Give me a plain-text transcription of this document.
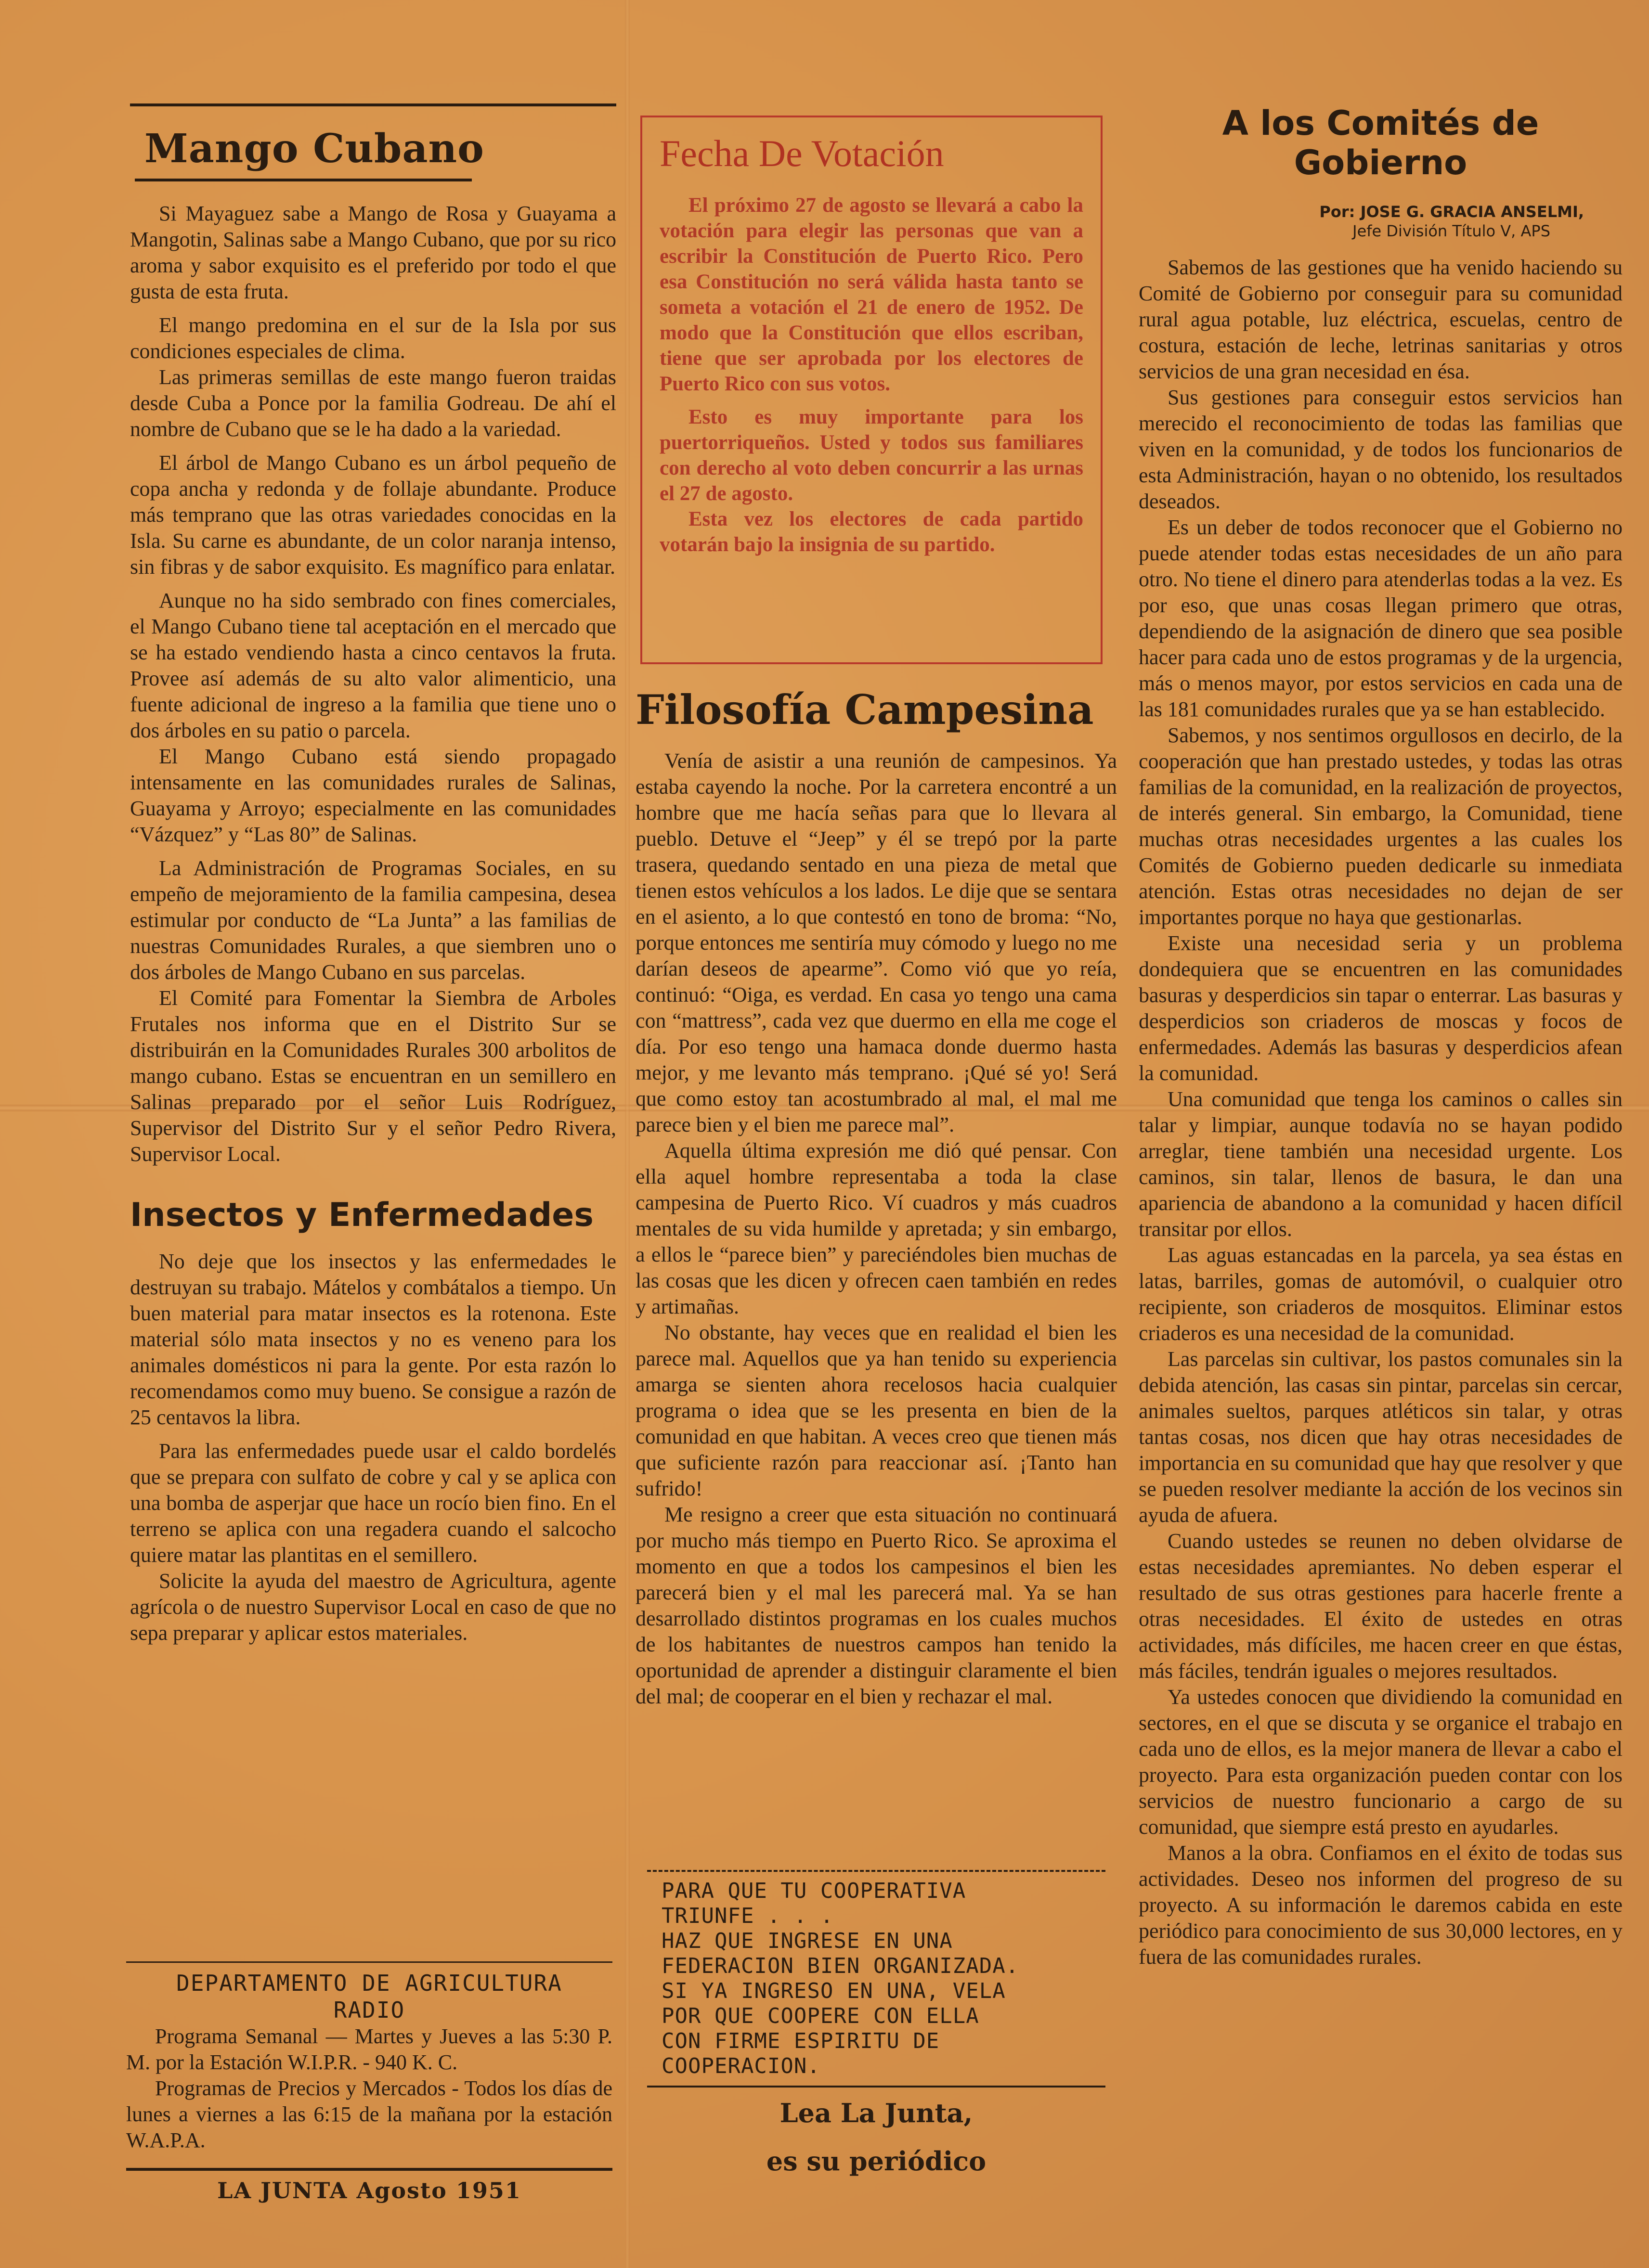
Mango Cubano

Si Mayaguez sabe a Mango de Rosa y Guayama a Mangotin, Salinas sabe a Mango Cubano, que por su rico aroma y sabor exquisito es el preferido por todo el que gusta de esta fruta.

El mango predomina en el sur de la Isla por sus condiciones especiales de clima.

Las primeras semillas de este mango fueron traidas desde Cuba a Ponce por la familia Godreau. De ahí el nombre de Cubano que se le ha dado a la variedad.

El árbol de Mango Cubano es un árbol pequeño de copa ancha y redonda y de follaje abundante. Produce más temprano que las otras variedades conocidas en la Isla. Su carne es abundante, de un color naranja intenso, sin fibras y de sabor exquisito. Es magnífico para enlatar.

Aunque no ha sido sembrado con fines comerciales, el Mango Cubano tiene tal aceptación en el mercado que se ha estado vendiendo hasta a cinco centavos la fruta. Provee así además de su alto valor alimenticio, una fuente adicional de ingreso a la familia que tiene uno o dos árboles en su patio o parcela.

El Mango Cubano está siendo propagado intensamente en las comunidades rurales de Salinas, Guayama y Arroyo; especialmente en las comunidades “Vázquez” y “Las 80” de Salinas.

La Administración de Programas Sociales, en su empeño de mejoramiento de la familia campesina, desea estimular por conducto de “La Junta” a las familias de nuestras Comunidades Rurales, a que siembren uno o dos árboles de Mango Cubano en sus parcelas.

El Comité para Fomentar la Siembra de Arboles Frutales nos informa que en el Distrito Sur se distribuirán en la Comunidades Rurales 300 arbolitos de mango cubano. Estas se encuentran en un semillero en Salinas preparado por el señor Luis Rodríguez, Supervisor del Distrito Sur y el señor Pedro Rivera, Supervisor Local.

Insectos y Enfermedades

No deje que los insectos y las enfermedades le destruyan su trabajo. Mátelos y combátalos a tiempo. Un buen material para matar insectos es la rotenona. Este material sólo mata insectos y no es veneno para los animales domésticos ni para la gente. Por esta razón lo recomendamos como muy bueno. Se consigue a razón de 25 centavos la libra.

Para las enfermedades puede usar el caldo bordelés que se prepara con sulfato de cobre y cal y se aplica con una bomba de asperjar que hace un rocío bien fino. En el terreno se aplica con una regadera cuando el salcocho quiere matar las plantitas en el semillero.

Solicite la ayuda del maestro de Agricultura, agente agrícola o de nuestro Supervisor Local en caso de que no sepa preparar y aplicar estos materiales.

DEPARTAMENTO DE AGRICULTURA

RADIO

Programa Semanal — Martes y Jueves a las 5:30 P. M. por la Estación W.I.P.R. - 940 K. C.

Programas de Precios y Mercados - Todos los días de lunes a viernes a las 6:15 de la mañana por la estación W.A.P.A.

LA JUNTA Agosto 1951

Fecha De Votación

El próximo 27 de agosto se llevará a cabo la votación para elegir las personas que van a escribir la Constitución de Puerto Rico. Pero esa Constitución no será válida hasta tanto se someta a votación el 21 de enero de 1952. De modo que la Constitución que ellos escriban, tiene que ser aprobada por los electores de Puerto Rico con sus votos.

Esto es muy importante para los puertorriqueños. Usted y todos sus familiares con derecho al voto deben concurrir a las urnas el 27 de agosto.

Esta vez los electores de cada partido votarán bajo la insignia de su partido.

Filosofía Campesina

Venía de asistir a una reunión de campesinos. Ya estaba cayendo la noche. Por la carretera encontré a un hombre que me hacía señas para que lo llevara al pueblo. Detuve el “Jeep” y él se trepó por la parte trasera, quedando sentado en una pieza de metal que tienen estos vehículos a los lados. Le dije que se sentara en el asiento, a lo que contestó en tono de broma: “No, porque entonces me sentiría muy cómodo y luego no me darían deseos de apearme”. Como vió que yo reía, continuó: “Oiga, es verdad. En casa yo tengo una cama con “mattress”, cada vez que duermo en ella me coge el día. Por eso tengo una hamaca donde duermo hasta mejor, y me levanto más temprano. ¡Qué sé yo! Será que como estoy tan acostumbrado al mal, el mal me parece bien y el bien me parece mal”.

Aquella última expresión me dió qué pensar. Con ella aquel hombre representaba a toda la clase campesina de Puerto Rico. Ví cuadros y más cuadros mentales de su vida humilde y apretada; y sin embargo, a ellos le “parece bien” y pareciéndoles bien muchas de las cosas que les dicen y ofrecen caen también en redes y artimañas.

No obstante, hay veces que en realidad el bien les parece mal. Aquellos que ya han tenido su experiencia amarga se sienten ahora recelosos hacia cualquier programa o idea que se les presenta en bien de la comunidad en que habitan. A veces creo que tienen más que suficiente razón para reaccionar así. ¡Tanto han sufrido!

Me resigno a creer que esta situación no continuará por mucho más tiempo en Puerto Rico. Se aproxima el momento en que a todos los campesinos el bien les parecerá bien y el mal les parecerá mal. Ya se han desarrollado distintos programas en los cuales muchos de los habitantes de nuestros campos han tenido la oportunidad de aprender a distinguir claramente el bien del mal; de cooperar en el bien y rechazar el mal.

PARA QUE TU COOPERATIVA

TRIUNFE . . .

HAZ QUE INGRESE EN UNA

FEDERACION BIEN ORGANIZADA.

SI YA INGRESO EN UNA, VELA

POR QUE COOPERE CON ELLA

CON FIRME ESPIRITU DE

COOPERACION.

Lea La Junta,

es su periódico

A los Comités de Gobierno

Por: JOSE G. GRACIA ANSELMI,

Jefe División Título V, APS

Sabemos de las gestiones que ha venido haciendo su Comité de Gobierno por conseguir para su comunidad rural agua potable, luz eléctrica, escuelas, centro de costura, estación de leche, letrinas sanitarias y otros servicios de una gran necesidad en ésa.

Sus gestiones para conseguir estos servicios han merecido el reconocimiento de todas las familias que viven en la comunidad, y de todos los funcionarios de esta Administración, hayan o no obtenido, los resultados deseados.

Es un deber de todos reconocer que el Gobierno no puede atender todas estas necesidades de un año para otro. No tiene el dinero para atenderlas todas a la vez. Es por eso, que unas cosas llegan primero que otras, dependiendo de la asignación de dinero que sea posible hacer para cada uno de estos programas y de la urgencia, más o menos mayor, por estos servicios en cada una de las 181 comunidades rurales que ya se han establecido.

Sabemos, y nos sentimos orgullosos en decirlo, de la cooperación que han prestado ustedes, y todas las otras familias de la comunidad, en la realización de proyectos, de interés general. Sin embargo, la Comunidad, tiene muchas otras necesidades urgentes a las cuales los Comités de Gobierno pueden dedicarle su inmediata atención. Estas otras necesidades no dejan de ser importantes porque no haya que gestionarlas.

Existe una necesidad seria y un problema dondequiera que se encuentren en las comunidades basuras y desperdicios sin tapar o enterrar. Las basuras y desperdicios son criaderos de moscas y focos de enfermedades. Además las basuras y desperdicios afean la comunidad.

Una comunidad que tenga los caminos o calles sin talar y limpiar, aunque todavía no se hayan podido arreglar, tiene también una necesidad urgente. Los caminos, sin talar, llenos de basura, le dan una apariencia de abandono a la comunidad y hacen difícil transitar por ellos.

Las aguas estancadas en la parcela, ya sea éstas en latas, barriles, gomas de automóvil, o cualquier otro recipiente, son criaderos de mosquitos. Eliminar estos criaderos es una necesidad de la comunidad.

Las parcelas sin cultivar, los pastos comunales sin la debida atención, las casas sin pintar, parcelas sin cercar, animales sueltos, parques atléticos sin talar, y otras tantas cosas, nos dicen que hay otras necesidades de importancia en su comunidad que hay que resolver y que se pueden resolver mediante la acción de los vecinos sin ayuda de afuera.

Cuando ustedes se reunen no deben olvidarse de estas necesidades apremiantes. No deben esperar el resultado de sus otras gestiones para hacerle frente a otras necesidades. El éxito de ustedes en otras actividades, más difíciles, me hacen creer en que éstas, más fáciles, tendrán iguales o mejores resultados.

Ya ustedes conocen que dividiendo la comunidad en sectores, en el que se discuta y se organice el trabajo en cada uno de ellos, es la mejor manera de llevar a cabo el proyecto. Para esta organización pueden contar con los servicios de nuestro funcionario a cargo de su comunidad, que siempre está presto en ayudarles.

Manos a la obra. Confiamos en el éxito de todas sus actividades. Deseo nos informen del progreso de su proyecto. A su información le daremos cabida en este periódico para conocimiento de sus 30,000 lectores, en y fuera de las comunidades rurales.
